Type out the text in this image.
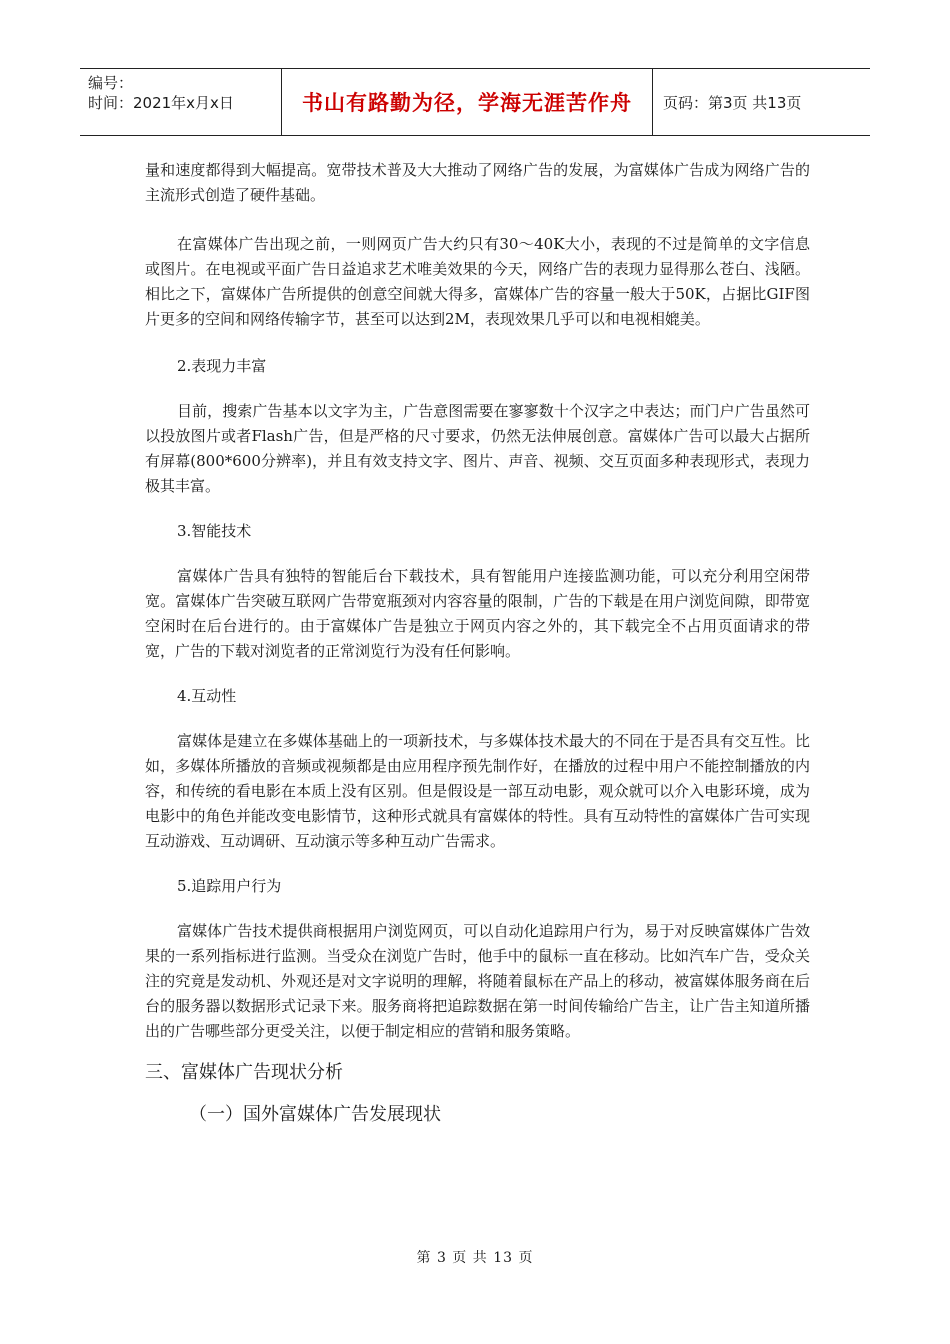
编号：
时间：2021年x月x日	书山有路勤为径，学海无涯苦作舟	页码：第3页 共13页

量和速度都得到大幅提高。宽带技术普及大大推动了网络广告的发展，为富媒体广告成为网络广告的主流形式创造了硬件基础。

在富媒体广告出现之前，一则网页广告大约只有30～40K大小，表现的不过是简单的文字信息或图片。在电视或平面广告日益追求艺术唯美效果的今天，网络广告的表现力显得那么苍白、浅陋。相比之下，富媒体广告所提供的创意空间就大得多，富媒体广告的容量一般大于50K，占据比GIF图片更多的空间和网络传输字节，甚至可以达到2M，表现效果几乎可以和电视相媲美。

2.表现力丰富

目前，搜索广告基本以文字为主，广告意图需要在寥寥数十个汉字之中表达；而门户广告虽然可以投放图片或者Flash广告，但是严格的尺寸要求，仍然无法伸展创意。富媒体广告可以最大占据所有屏幕(800*600分辨率)，并且有效支持文字、图片、声音、视频、交互页面多种表现形式，表现力极其丰富。

3.智能技术

富媒体广告具有独特的智能后台下载技术，具有智能用户连接监测功能，可以充分利用空闲带宽。富媒体广告突破互联网广告带宽瓶颈对内容容量的限制，广告的下载是在用户浏览间隙，即带宽空闲时在后台进行的。由于富媒体广告是独立于网页内容之外的，其下载完全不占用页面请求的带宽，广告的下载对浏览者的正常浏览行为没有任何影响。

4.互动性

富媒体是建立在多媒体基础上的一项新技术，与多媒体技术最大的不同在于是否具有交互性。比如，多媒体所播放的音频或视频都是由应用程序预先制作好，在播放的过程中用户不能控制播放的内容，和传统的看电影在本质上没有区别。但是假设是一部互动电影，观众就可以介入电影环境，成为电影中的角色并能改变电影情节，这种形式就具有富媒体的特性。具有互动特性的富媒体广告可实现互动游戏、互动调研、互动演示等多种互动广告需求。

5.追踪用户行为

富媒体广告技术提供商根据用户浏览网页，可以自动化追踪用户行为，易于对反映富媒体广告效果的一系列指标进行监测。当受众在浏览广告时，他手中的鼠标一直在移动。比如汽车广告，受众关注的究竟是发动机、外观还是对文字说明的理解，将随着鼠标在产品上的移动，被富媒体服务商在后台的服务器以数据形式记录下来。服务商将把追踪数据在第一时间传输给广告主，让广告主知道所播出的广告哪些部分更受关注，以便于制定相应的营销和服务策略。

三、富媒体广告现状分析

（一）国外富媒体广告发展现状

第 3 页 共 13 页
